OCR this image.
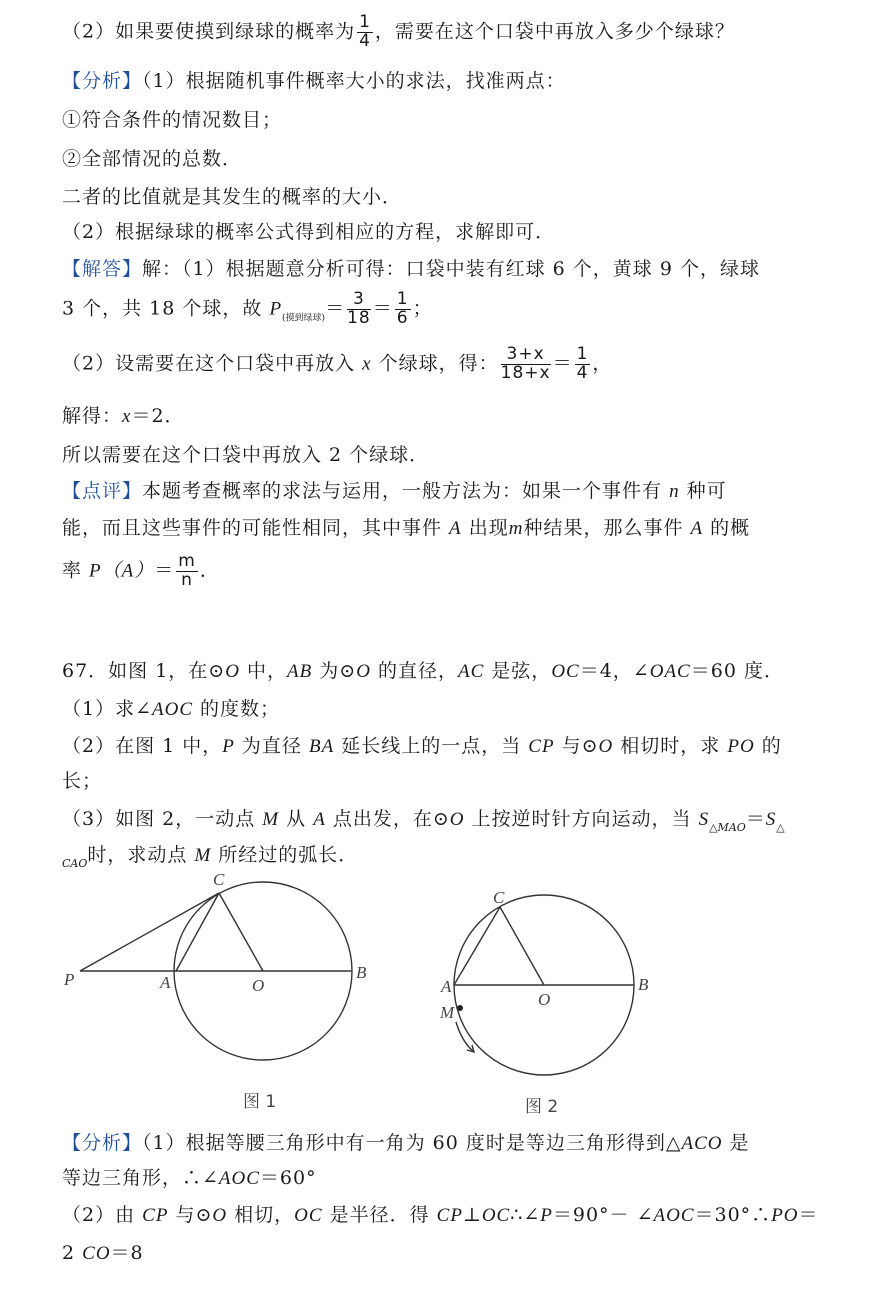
（2）如果要使摸到绿球的概率为 $\frac{1}{4}$ ，需要在这个口袋中再放入多少个绿球？
【分析】（1）根据随机事件概率大小的求法，找准两点：
①符合条件的情况数目；
②全部情况的总数．
二者的比值就是其发生的概率的大小．
（2）根据绿球的概率公式得到相应的方程，求解即可．
【解答】解：（1）根据题意分析可得：口袋中装有红球 6 个，黄球 9 个，绿球
3 个，共 18 个球，故 $P_{(摸到绿球)}= \frac{3}{18} = \frac{1}{6}$ ；
（2）设需要在这个口袋中再放入 x 个绿球，得： $\frac{3+x}{18+x} = \frac{1}{4}$ ，
解得：x＝2．
所以需要在这个口袋中再放入 2 个绿球．
【点评】本题考查概率的求法与运用，一般方法为：如果一个事件有 n 种可
能，而且这些事件的可能性相同，其中事件 A 出现m种结果，那么事件 A 的概
率 $P(A)= \frac{m}{n}$ ．
67．如图 1，在⊙O 中，AB 为⊙O 的直径，AC 是弦，OC＝4，∠OAC＝60 度．
（1）求∠AOC 的度数；
（2）在图 1 中，P 为直径 BA 延长线上的一点，当 CP 与⊙O 相切时，求 PO 的
长；
（3）如图 2，一动点 M 从 A 点出发，在⊙O 上按逆时针方向运动，当 $S_{\triangle MAO}=S_\triangle$
$_{CAO}$时，求动点 M 所经过的弧长．
C
P	A	O
B
图 1
C
A
O
B
M
图 2
【分析】（1）根据等腰三角形中有一角为 60 度时是等边三角形得到△ACO 是
等边三角形，∴∠AOC＝60°
（2）由 CP 与⊙O 相切，OC 是半径．得 CP⊥OC∴∠P＝90°－ ∠AOC＝30°∴PO＝
2 CO＝8
